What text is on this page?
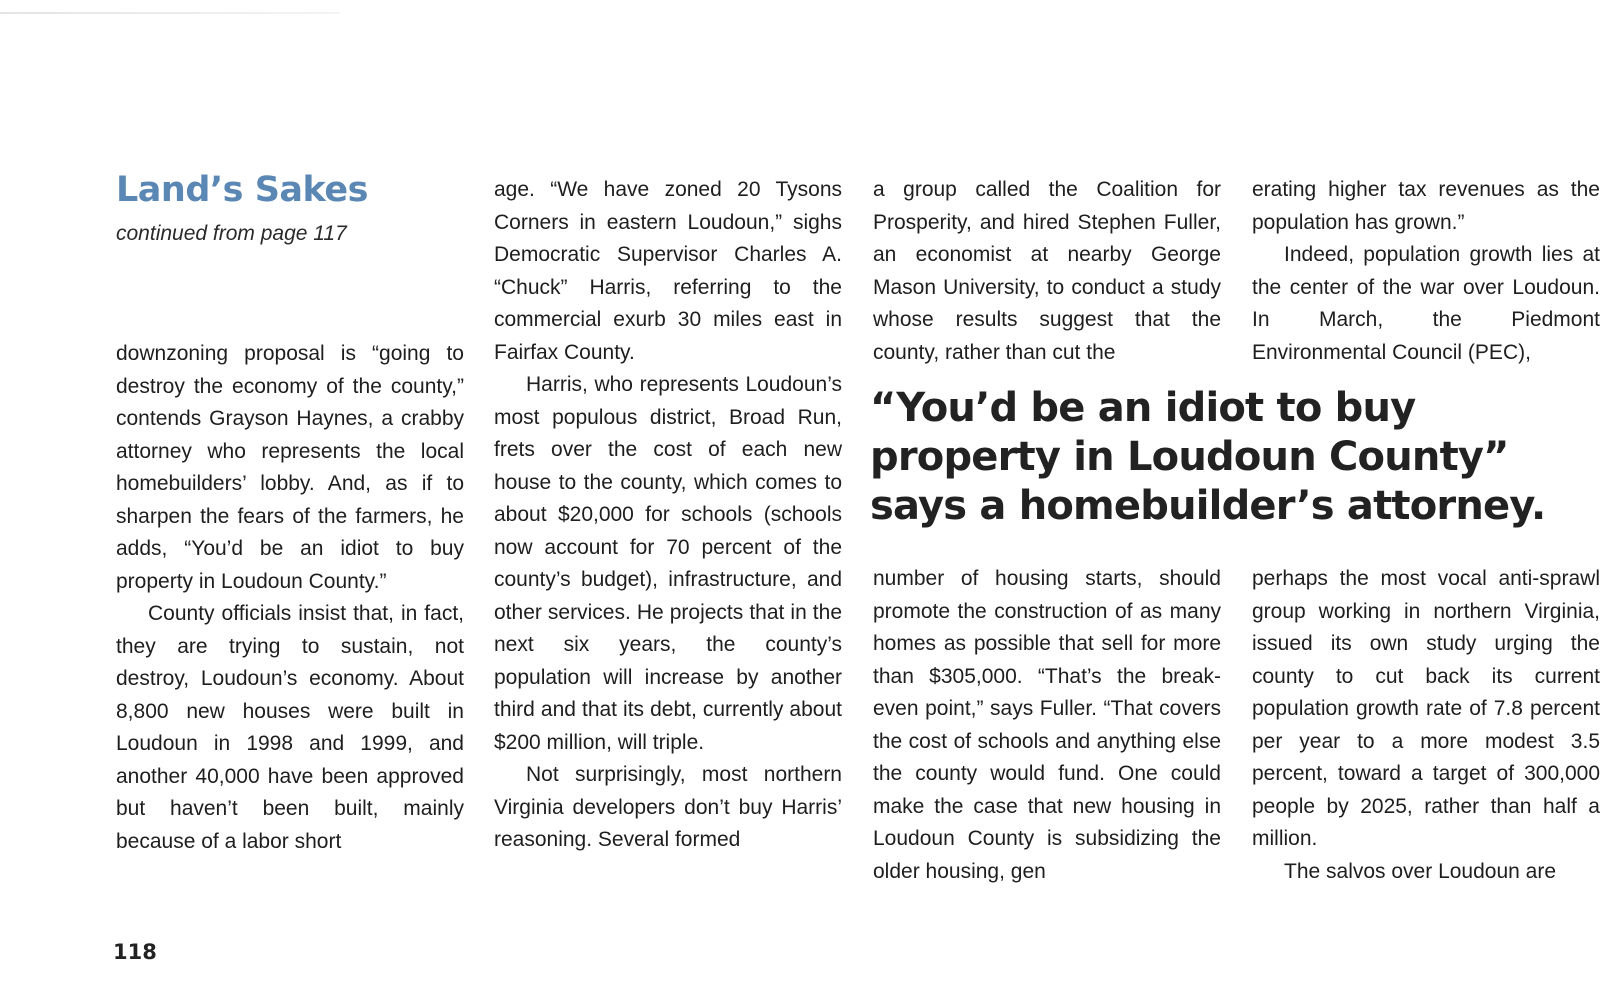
Land’s Sakes
continued from page 117

downzoning proposal is “going to destroy the economy of the county,” contends Grayson Haynes, a crabby attorney who represents the local homebuilders’ lobby. And, as if to sharpen the fears of the farmers, he adds, “You’d be an idiot to buy property in Loudoun County.”

County officials insist that, in fact, they are trying to sustain, not destroy, Loudoun’s economy. About 8,800 new houses were built in Loudoun in 1998 and 1999, and another 40,000 have been approved but haven’t been built, mainly because of a labor short

age. “We have zoned 20 Tysons Corners in eastern Loudoun,” sighs Democratic Supervisor Charles A. “Chuck” Harris, referring to the commercial exurb 30 miles east in Fairfax County.

Harris, who represents Loudoun’s most populous district, Broad Run, frets over the cost of each new house to the county, which comes to about $20,000 for schools (schools now account for 70 percent of the county’s budget), infrastructure, and other services. He projects that in the next six years, the county’s population will increase by another third and that its debt, currently about $200 million, will triple.

Not surprisingly, most northern Virginia developers don’t buy Harris’ reasoning. Several formed

a group called the Coalition for Prosperity, and hired Stephen Fuller, an economist at nearby George Mason University, to conduct a study whose results suggest that the county, rather than cut the

erating higher tax revenues as the population has grown.”

Indeed, population growth lies at the center of the war over Loudoun. In March, the Piedmont Environmental Council (PEC),

“You’d be an idiot to buy property in Loudoun County” says a homebuilder’s attorney.

number of housing starts, should promote the construction of as many homes as possible that sell for more than $305,000. “That’s the break-even point,” says Fuller. “That covers the cost of schools and anything else the county would fund. One could make the case that new housing in Loudoun County is subsidizing the older housing, gen

perhaps the most vocal anti-sprawl group working in northern Virginia, issued its own study urging the county to cut back its current population growth rate of 7.8 percent per year to a more modest 3.5 percent, toward a target of 300,000 people by 2025, rather than half a million.

The salvos over Loudoun are

118
